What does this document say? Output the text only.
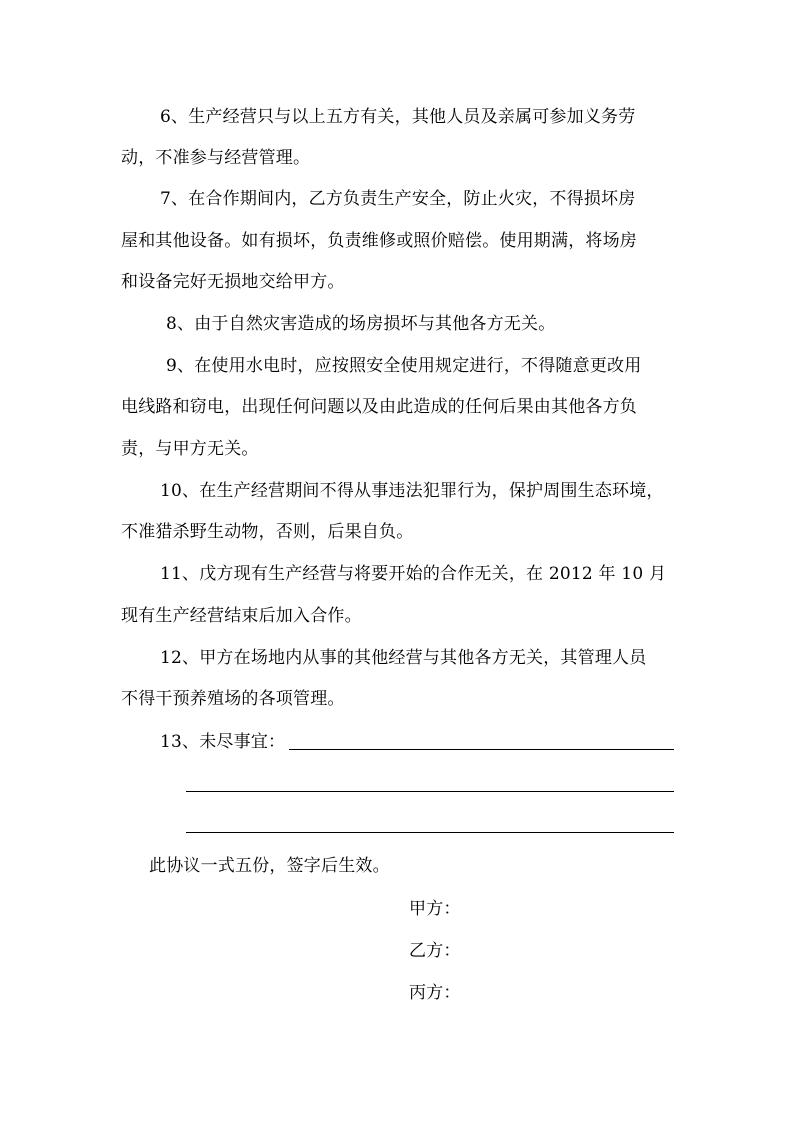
6、生产经营只与以上五方有关，其他人员及亲属可参加义务劳
动，不准参与经营管理。
7、在合作期间内，乙方负责生产安全，防止火灾，不得损坏房
屋和其他设备。如有损坏，负责维修或照价赔偿。使用期满，将场房
和设备完好无损地交给甲方。
8、由于自然灾害造成的场房损坏与其他各方无关。
9、在使用水电时，应按照安全使用规定进行，不得随意更改用
电线路和窃电，出现任何问题以及由此造成的任何后果由其他各方负
责，与甲方无关。
10、在生产经营期间不得从事违法犯罪行为，保护周围生态环境，
不准猎杀野生动物，否则，后果自负。
11、戊方现有生产经营与将要开始的合作无关，在 2012 年 10 月
现有生产经营结束后加入合作。
12、甲方在场地内从事的其他经营与其他各方无关，其管理人员
不得干预养殖场的各项管理。
13、未尽事宜：
此协议一式五份，签字后生效。
甲方：
乙方：
丙方：
